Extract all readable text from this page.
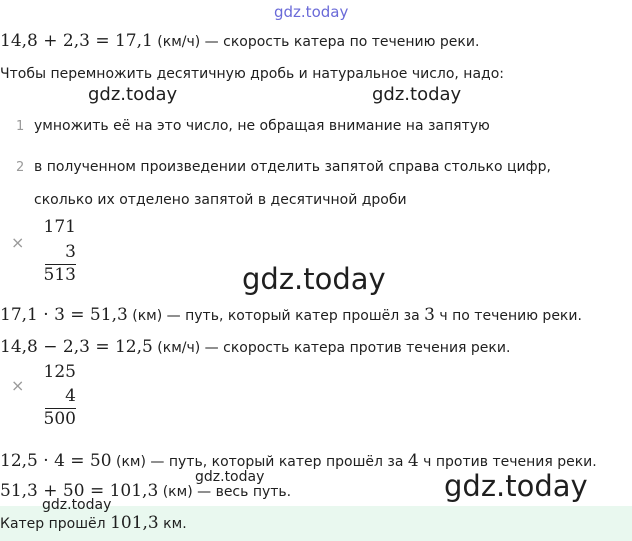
gdz.today
14,8 + 2,3 = 17,1 (км/ч) — скорость катера по течению реки.
Чтобы перемножить десятичную дробь и натуральное число, надо:
gdz.today	gdz.today
1 умножить её на это число, не обращая внимание на запятую
2 в полученном произведении отделить запятой справа столько цифр,
сколько их отделено запятой в десятичной дроби
×
171
3
513	gdz.today
17,1 · 3 = 51,3 (км) — путь, который катер прошёл за 3 ч по течению реки.
14,8 − 2,3 = 12,5 (км/ч) — скорость катера против течения реки.
×
125
4
500
12,5 · 4 = 50 (км) — путь, который катер прошёл за 4 ч против течения реки.
gdz.today
51,3 + 50 = 101,3 (км) — весь путь.	gdz.today
gdz.today
Катер прошёл 101,3 км.
